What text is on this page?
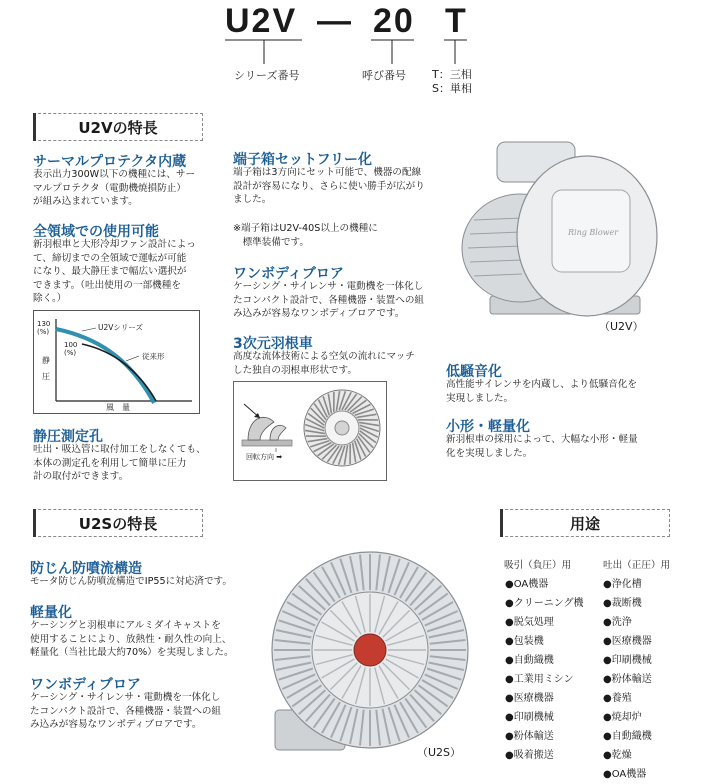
U2V — 20 T
シリーズ番号	呼び番号 T：三相
S：単相
U2Vの特長
サーマルプロテクタ内蔵
表示出力300W以下の機種には、サー
マルプロテクタ（電動機焼損防止）
が組み込まれています。
全領域での使用可能
新羽根車と大形冷却ファン設計によっ
て、締切までの全領域で運転が可能
になり、最大静圧まで幅広い選択が
できます。（吐出使用の一部機種を
除く。）
130
(%)
100
(%)
静
圧
U2Vシリーズ
従来形
風　量
静圧測定孔
吐出・吸込管に取付加工をしなくても、
本体の測定孔を利用して簡単に圧力
計の取付ができます。
端子箱セットフリー化
端子箱は3方向にセット可能で、機器の配線
設計が容易になり、さらに使い勝手が広がり
ました。
※端子箱はU2V-40S以上の機種に
　標準装備です。
ワンボディブロア
ケーシング・サイレンサ・電動機を一体化し
たコンパクト設計で、各種機器・装置への組
み込みが容易なワンボディブロアです。
3次元羽根車
高度な流体技術による空気の流れにマッチ
した独自の羽根車形状です。
回転方向 ➡
Ring Blower
（U2V）
低騒音化
高性能サイレンサを内蔵し、より低騒音化を
実現しました。
小形・軽量化
新羽根車の採用によって、大幅な小形・軽量
化を実現しました。
U2Sの特長
防じん防噴流構造
モータ防じん防噴流構造でIP55に対応済です。
軽量化
ケーシングと羽根車にアルミダイキャストを
使用することにより、放熱性・耐久性の向上、
軽量化（当社比最大約70%）を実現しました。
ワンボディブロア
ケーシング・サイレンサ・電動機を一体化し
たコンパクト設計で、各種機器・装置への組
み込みが容易なワンボディブロアです。
（U2S）
用途
吸引（負圧）用	吐出（正圧）用
●OA機器
●クリーニング機
●脱気処理
●包装機
●自動織機
●工業用ミシン
●医療機器
●印刷機械
●粉体輸送
●吸着搬送
●浄化槽
●裁断機
●洗浄
●医療機器
●印刷機械
●粉体輸送
●養殖
●焼却炉
●自動織機
●乾燥
●OA機器
